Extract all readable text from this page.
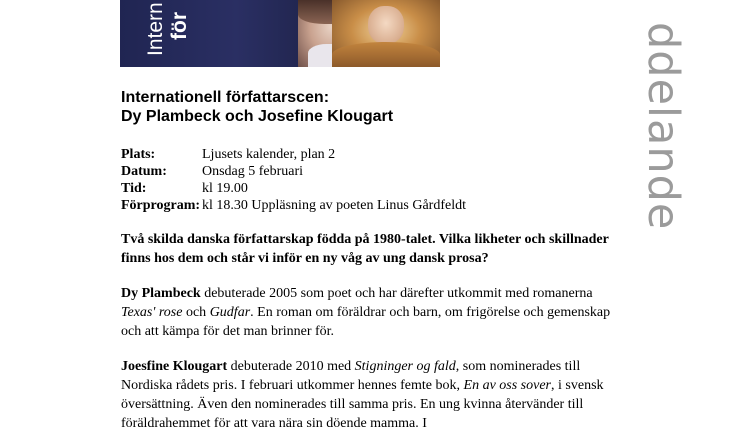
Intern för	ddelande
Internationell författarscen:
Dy Plambeck och Josefine Klougart
Plats:	Ljusets kalender, plan 2
Datum:	Onsdag 5 februari
Tid:	kl 19.00
Förprogram: kl 18.30 Uppläsning av poeten Linus Gårdfeldt

Två skilda danska författarskap födda på 1980-talet. Vilka likheter och skillnader finns hos dem och står vi inför en ny våg av ung dansk prosa?

Dy Plambeck debuterade 2005 som poet och har därefter utkommit med romanerna Texas' rose och Gudfar. En roman om föräldrar och barn, om frigörelse och gemenskap och att kämpa för det man brinner för.

Joesfine Klougart debuterade 2010 med Stigninger og fald, som nominerades till Nordiska rådets pris. I februari utkommer hennes femte bok, En av oss sover, i svensk översättning. Även den nominerades till samma pris. En ung kvinna återvänder till föräldrahemmet för att vara nära sin döende mamma. I
